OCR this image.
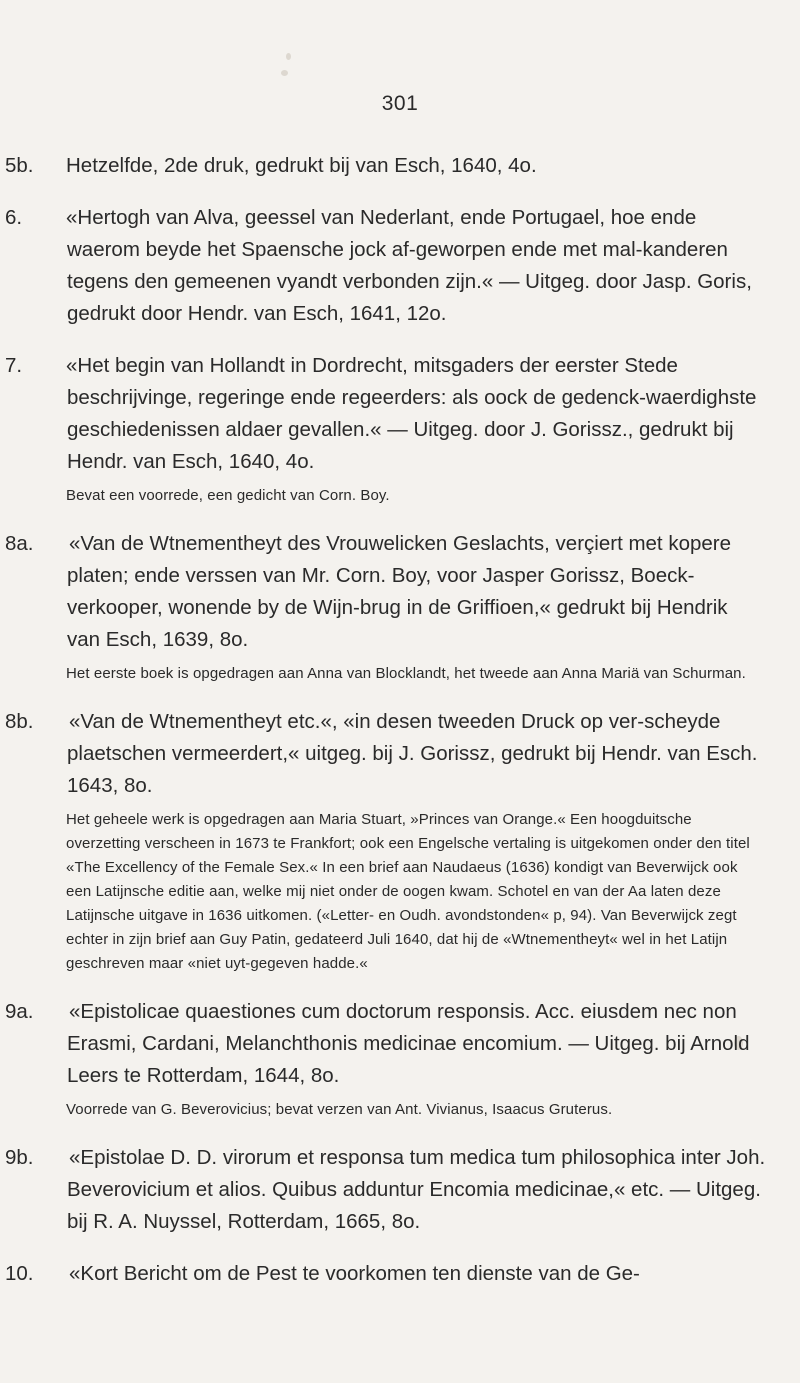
301

5b. Hetzelfde, 2de druk, gedrukt bij van Esch, 1640, 4o.

6. «Hertogh van Alva, geessel van Nederlant, ende Portugael, hoe ende waerom beyde het Spaensche jock af-geworpen ende met mal-kanderen tegens den gemeenen vyandt verbonden zijn.« — Uitgeg. door Jasp. Goris, gedrukt door Hendr. van Esch, 1641, 12o.

7. «Het begin van Hollandt in Dordrecht, mitsgaders der eerster Stede beschrijvinge, regeringe ende regeerders: als oock de gedenck-waerdighste geschiedenissen aldaer gevallen.« — Uitgeg. door J. Gorissz., gedrukt bij Hendr. van Esch, 1640, 4o.

Bevat een voorrede, een gedicht van Corn. Boy.

8a. «Van de Wtnementheyt des Vrouwelicken Geslachts, verçiert met kopere platen; ende verssen van Mr. Corn. Boy, voor Jasper Gorissz, Boeck-verkooper, wonende by de Wijn-brug in de Griffioen,« gedrukt bij Hendrik van Esch, 1639, 8o.

Het eerste boek is opgedragen aan Anna van Blocklandt, het tweede aan Anna Mariä van Schurman.

8b. «Van de Wtnementheyt etc.«, «in desen tweeden Druck op ver-scheyde plaetschen vermeerdert,« uitgeg. bij J. Gorissz, gedrukt bij Hendr. van Esch. 1643, 8o.

Het geheele werk is opgedragen aan Maria Stuart, »Princes van Orange.« Een hoogduitsche overzetting verscheen in 1673 te Frankfort; ook een Engelsche vertaling is uitgekomen onder den titel «The Excellency of the Female Sex.« In een brief aan Naudaeus (1636) kondigt van Beverwijck ook een Latijnsche editie aan, welke mij niet onder de oogen kwam. Schotel en van der Aa laten deze Latijnsche uitgave in 1636 uitkomen. («Letter- en Oudh. avondstonden« p, 94). Van Beverwijck zegt echter in zijn brief aan Guy Patin, gedateerd Juli 1640, dat hij de «Wtnementheyt« wel in het Latijn geschreven maar «niet uyt-gegeven hadde.«

9a. «Epistolicae quaestiones cum doctorum responsis. Acc. eiusdem nec non Erasmi, Cardani, Melanchthonis medicinae encomium. — Uitgeg. bij Arnold Leers te Rotterdam, 1644, 8o.

Voorrede van G. Beverovicius; bevat verzen van Ant. Vivianus, Isaacus Gruterus.

9b. «Epistolae D. D. virorum et responsa tum medica tum philosophica inter Joh. Beverovicium et alios. Quibus adduntur Encomia medicinae,« etc. — Uitgeg. bij R. A. Nuyssel, Rotterdam, 1665, 8o.

10. «Kort Bericht om de Pest te voorkomen ten dienste van de Ge-
